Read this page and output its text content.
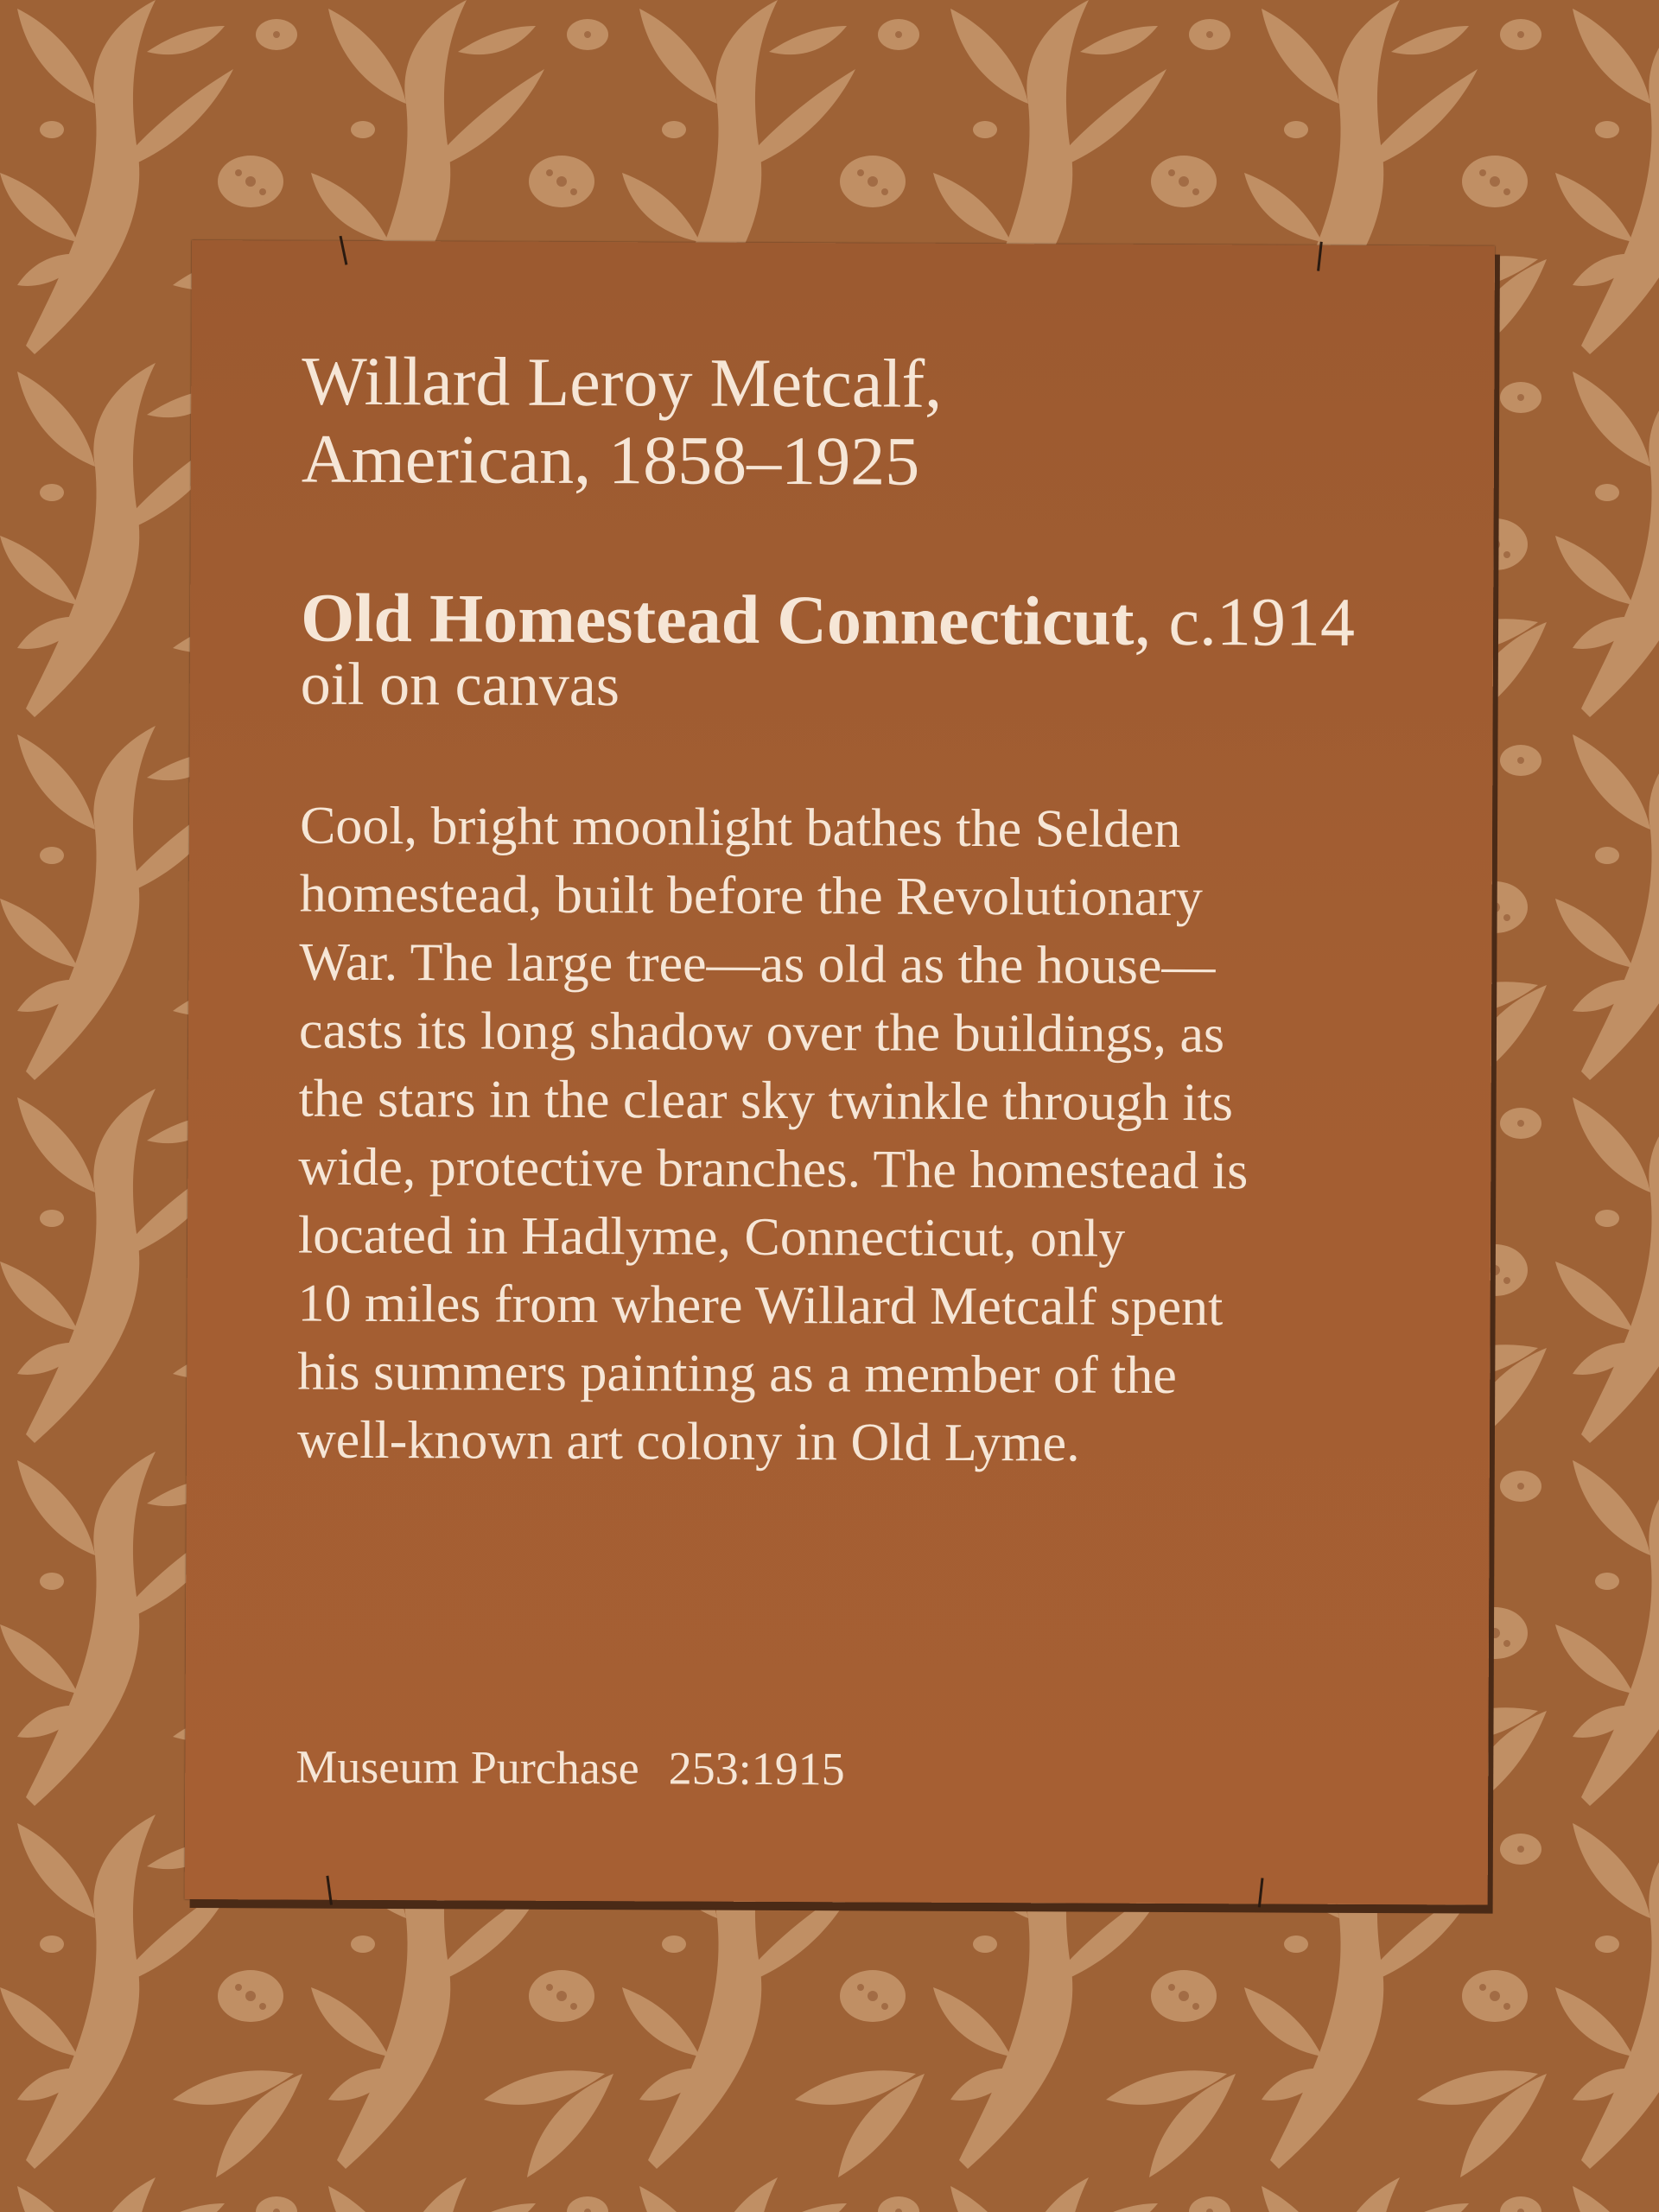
Willard Leroy Metcalf,

American, 1858–1925

Old Homestead Connecticut, c.1914

oil on canvas

Cool, bright moonlight bathes the Selden
homestead, built before the Revolutionary
War. The large tree—as old as the house—
casts its long shadow over the buildings, as
the stars in the clear sky twinkle through its
wide, protective branches. The homestead is
located in Hadlyme, Connecticut, only
10 miles from where Willard Metcalf spent
his summers painting as a member of the
well-known art colony in Old Lyme.

Museum Purchase 253:1915
